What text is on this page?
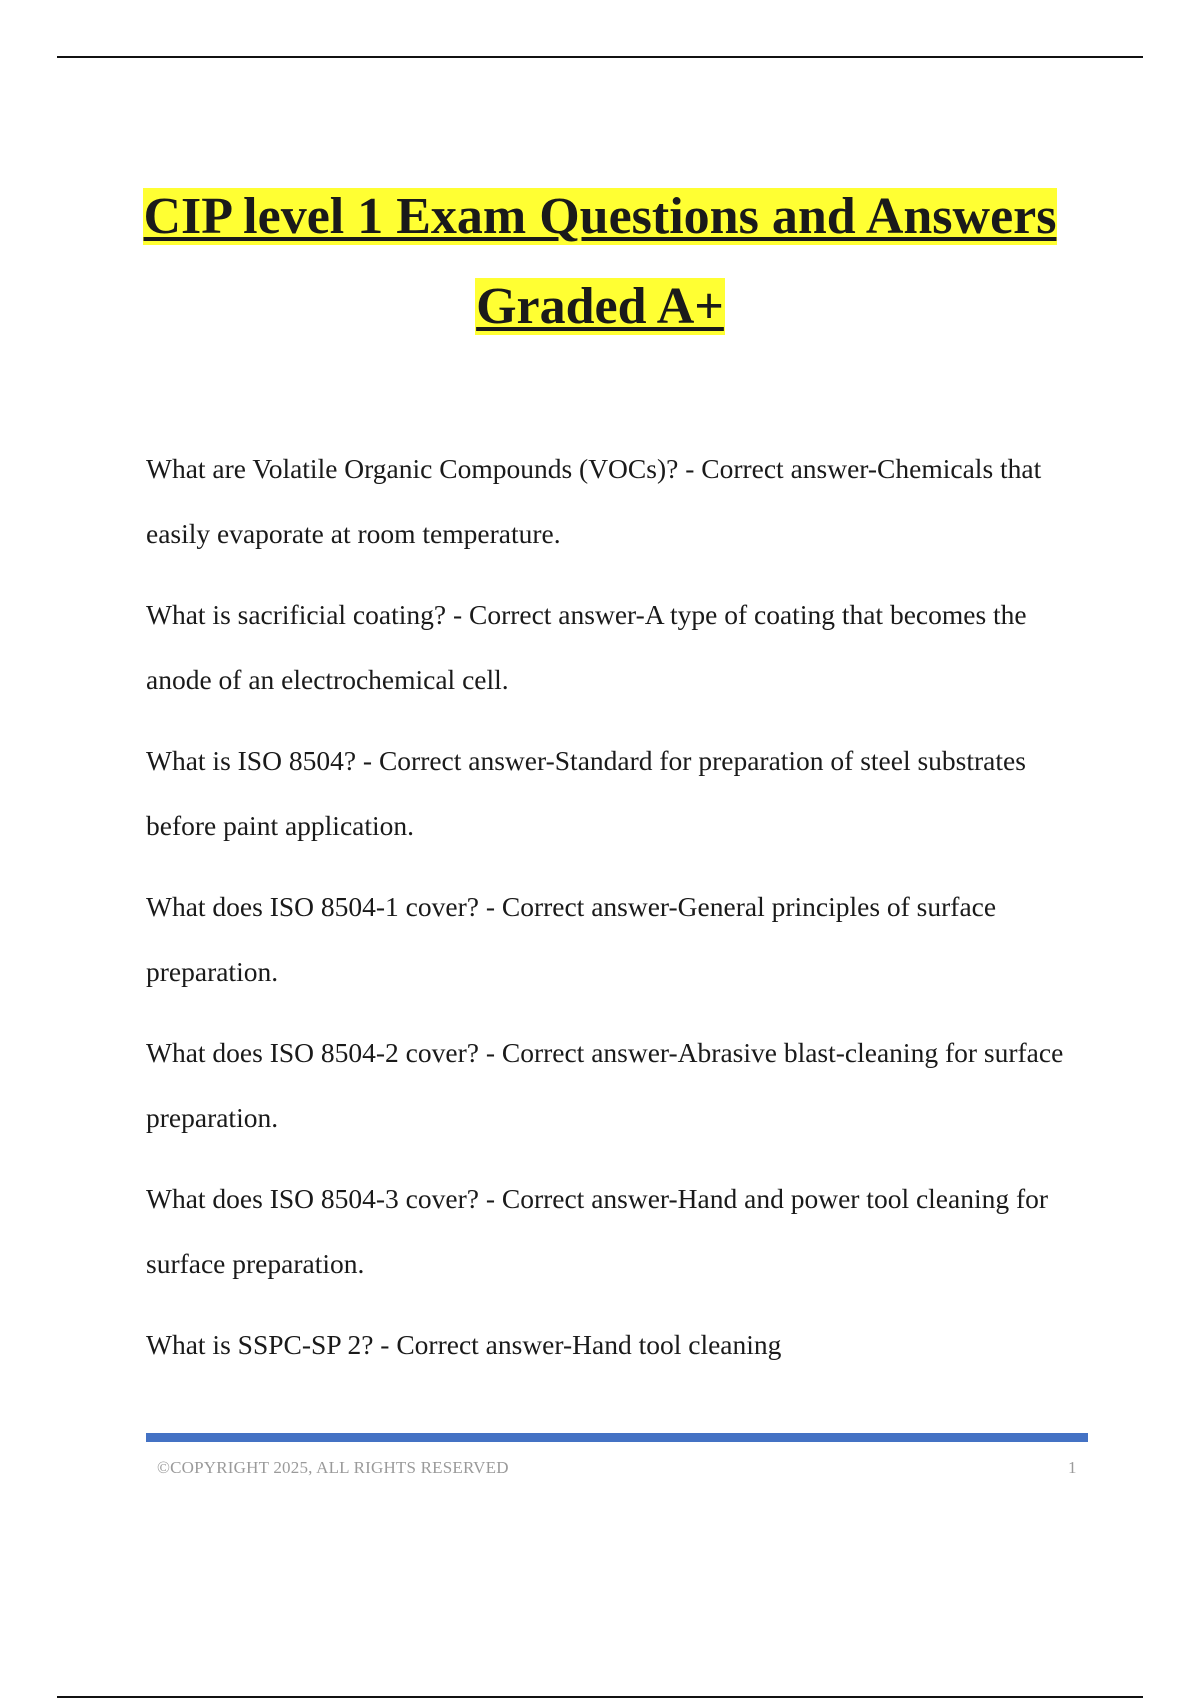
CIP level 1 Exam Questions and Answers
Graded A+

What are Volatile Organic Compounds (VOCs)? - Correct answer-Chemicals that easily evaporate at room temperature.

What is sacrificial coating? - Correct answer-A type of coating that becomes the anode of an electrochemical cell.

What is ISO 8504? - Correct answer-Standard for preparation of steel substrates before paint application.

What does ISO 8504-1 cover? - Correct answer-General principles of surface preparation.

What does ISO 8504-2 cover? - Correct answer-Abrasive blast-cleaning for surface preparation.

What does ISO 8504-3 cover? - Correct answer-Hand and power tool cleaning for surface preparation.

What is SSPC-SP 2? - Correct answer-Hand tool cleaning

©COPYRIGHT 2025, ALL RIGHTS RESERVED	1
